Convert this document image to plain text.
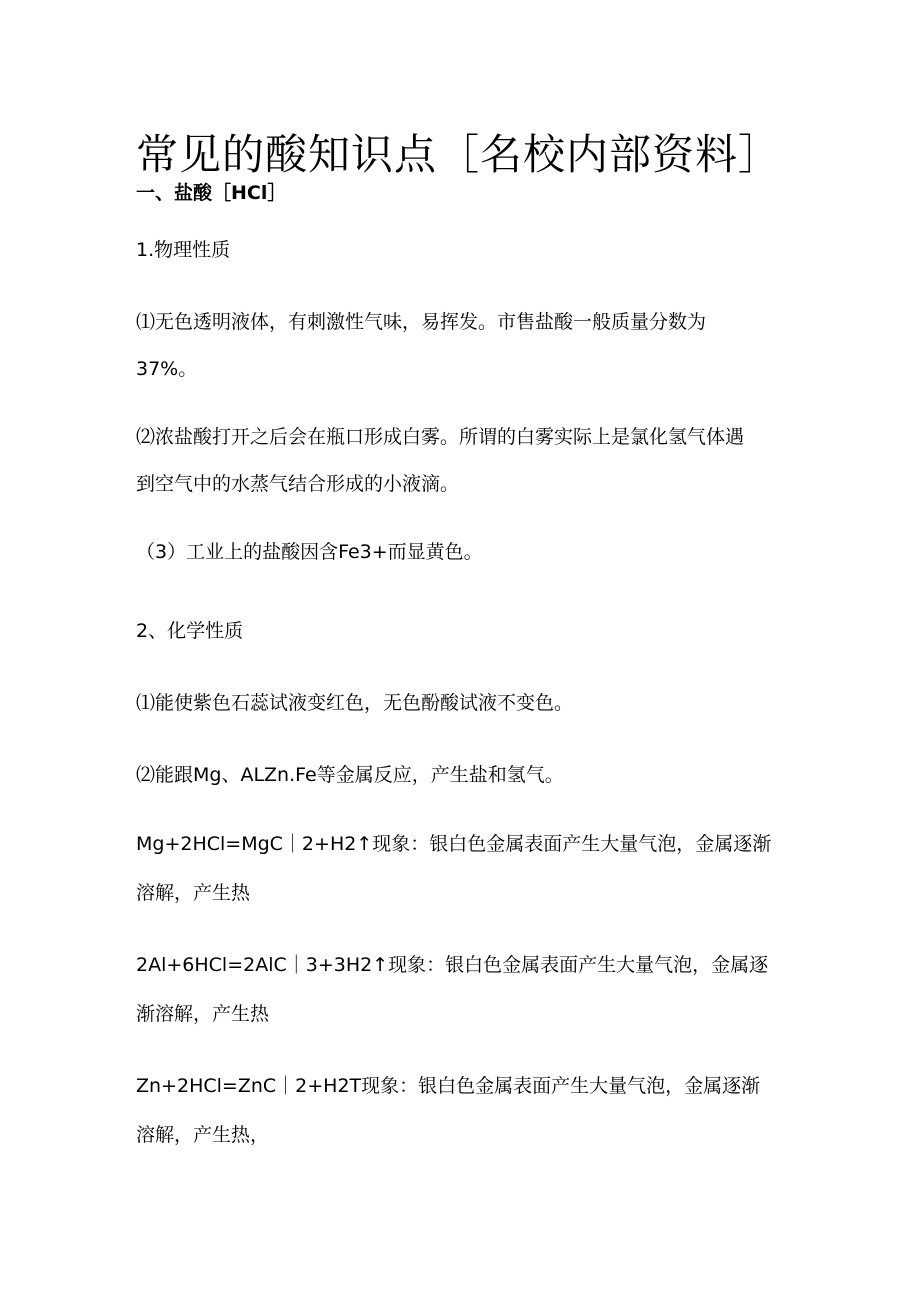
常见的酸知识点［名校内部资料］
一、盐酸［HCl］
1.物理性质
⑴无色透明液体，有刺激性气味，易挥发。市售盐酸一般质量分数为
37%。
⑵浓盐酸打开之后会在瓶口形成白雾。所谓的白雾实际上是氯化氢气体遇
到空气中的水蒸气结合形成的小液滴。
（3）工业上的盐酸因含Fe3+而显黄色。
2、化学性质
⑴能使紫色石蕊试液变红色，无色酚酸试液不变色。
⑵能跟Mg、ALZn.Fe等金属反应，产生盐和氢气。
Mg+2HCl=MgC｜2+H2↑现象：银白色金属表面产生大量气泡，金属逐渐
溶解，产生热
2Al+6HCl=2AlC｜3+3H2↑现象：银白色金属表面产生大量气泡，金属逐
渐溶解，产生热
Zn+2HCl=ZnC｜2+H2T现象：银白色金属表面产生大量气泡，金属逐渐
溶解，产生热，
